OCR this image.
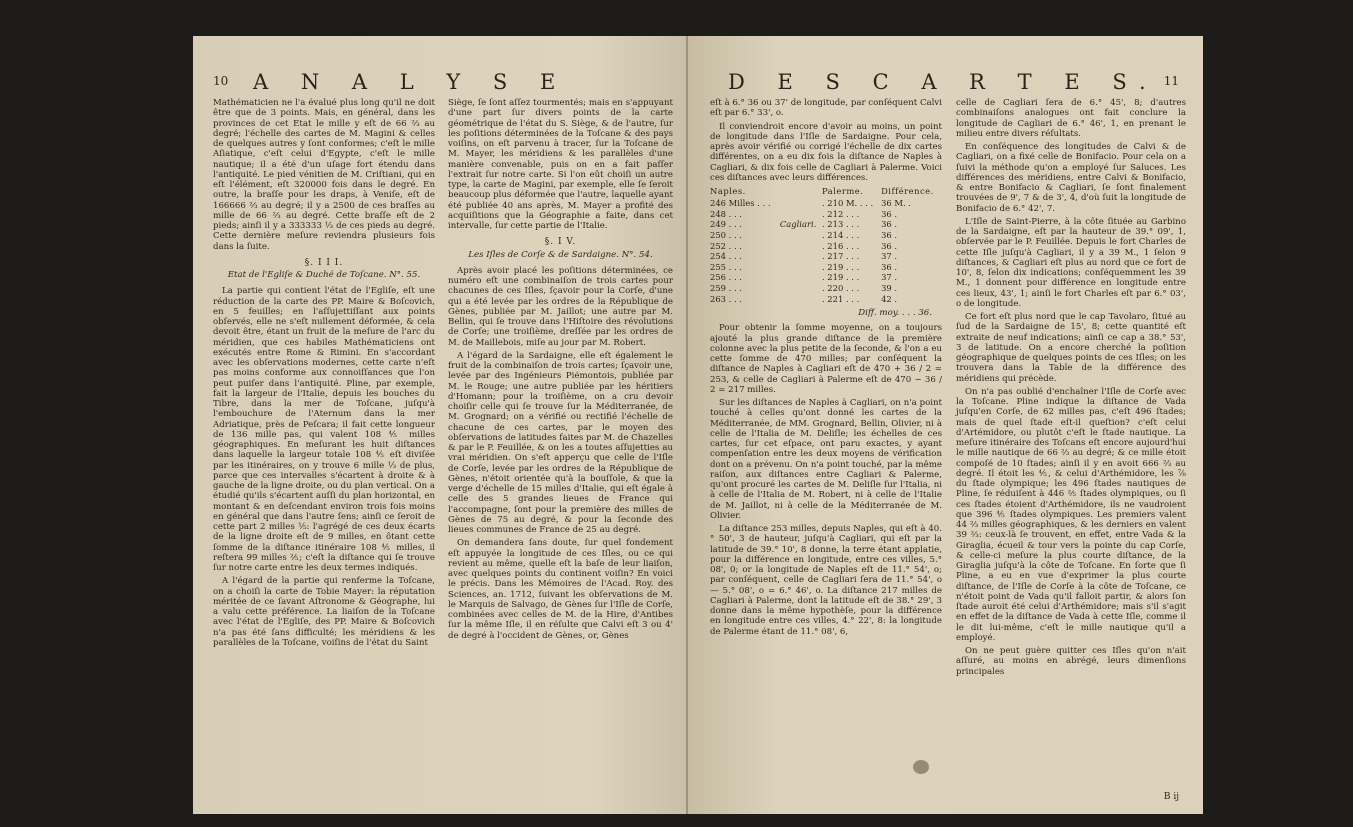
10 A N A L Y S E

Mathématicien ne l'a évalué plus long qu'il ne doit être que de 3 points. Mais, en général, dans les provinces de cet Etat le mille y eſt de 66 ⅔ au degré; l'échelle des cartes de M. Magini & celles de quelques autres y ſont conformes; c'eſt le mille Aſiatique, c'eſt celui d'Egypte, c'eſt le mille nautique; il a été d'un uſage fort étendu dans l'antiquité. Le pied vénitien de M. Criſtiani, qui en eſt l'élément, eſt 320000 fois dans le degré. En outre, la braſſe pour les draps, à Veniſe, eſt de 166666 ⅔ au degré; il y a 2500 de ces braſſes au mille de 66 ⅔ au degré. Cette braſſe eſt de 2 pieds; ainſi il y a 333333 ⅓ de ces pieds au degré. Cette dernière meſure reviendra plusieurs fois dans la ſuite.

§. I I I.
Etat de l'Egliſe & Duché de Toſcane. N°. 55.

La partie qui contient l'état de l'Egliſe, eſt une réduction de la carte des PP. Maire & Boſcovich, en 5 feuilles; en l'aſſujettiſſant aux points obſervés, elle ne s'eſt nullement déformée, & cela devoit être, étant un fruit de la meſure de l'arc du méridien, que ces habiles Mathématiciens ont exécutés entre Rome & Rimini. En s'accordant avec les obſervations modernes, cette carte n'eſt pas moins conforme aux connoiſſances que l'on peut puiſer dans l'antiquité. Pline, par exemple, fait la largeur de l'Italie, depuis les bouches du Tibre, dans la mer de Toſcane, juſqu'à l'embouchure de l'Aternum dans la mer Adriatique, près de Peſcara; il fait cette longueur de 136 mille pas, qui valent 108 ⅘ milles géographiques. En meſurant les huit diſtances dans laquelle la largeur totale 108 ⅘ eſt diviſée par les itinéraires, on y trouve 6 mille ⅓ de plus, parce que ces intervalles s'écartent à droite & à gauche de la ligne droite, ou du plan vertical. On a étudié qu'ils s'écartent auſſi du plan horizontal, en montant & en deſcendant environ trois fois moins en général que dans l'autre ſens; ainſi ce ſeroit de cette part 2 milles ⅕: l'agrégé de ces deux écarts de la ligne droite eſt de 9 milles, en ôtant cette ſomme de la diſtance itinéraire 108 ⅘ milles, il reſtera 99 milles ⅖; c'eſt la diſtance qui ſe trouve ſur notre carte entre les deux termes indiqués.

A l'égard de la partie qui renferme la Toſcane, on a choiſi la carte de Tobie Mayer: la réputation méritée de ce ſavant Aſtronome & Géographe, lui a valu cette préférence. La liaiſon de la Toſcane avec l'état de l'Egliſe, des PP. Maire & Boſcovich n'a pas été ſans difficulté; les méridiens & les parallèles de la Toſcane, voiſins de l'état du Saint

Siège, ſe ſont aſſez tourmentés; mais en s'appuyant d'une part ſur divers points de la carte géométrique de l'état du S. Siège, & de l'autre, ſur les poſitions déterminées de la Toſcane & des pays voiſins, on eſt parvenu à tracer, ſur la Toſcane de M. Mayer, les méridiens & les parallèles d'une manière convenable, puis on en a fait paſſer l'extrait ſur notre carte. Si l'on eût choiſi un autre type, la carte de Magini, par exemple, elle ſe ſeroit beaucoup plus déformée que l'autre, laquelle ayant été publiée 40 ans après, M. Mayer a profité des acquiſitions que la Géographie a faite, dans cet intervalle, ſur cette partie de l'Italie.

§. I V.
Les Iſles de Corſe & de Sardaigne. N°. 54.

Après avoir placé les poſitions déterminées, ce numéro eſt une combinaiſon de trois cartes pour chacunes de ces Iſles, ſçavoir pour la Corſe, d'une qui a été levée par les ordres de la République de Gènes, publiée par M. Jaillot; une autre par M. Bellin, qui ſe trouve dans l'Hiſtoire des révolutions de Corſe; une troiſième, dreſſée par les ordres de M. de Maillebois, miſe au jour par M. Robert.

A l'égard de la Sardaigne, elle eſt également le fruit de la combinaiſon de trois cartes; ſçavoir une, levée par des Ingénieurs Piémontois, publiée par M. le Rouge; une autre publiée par les héritiers d'Homann; pour la troiſième, on a cru devoir choiſir celle qui ſe trouve ſur la Méditerranée, de M. Grognard; on a vérifié ou rectifié l'échelle de chacune de ces cartes, par le moyen des obſervations de latitudes faites par M. de Chazelles & par le P. Feuillée, & on les a toutes aſſujetties au vrai méridien. On s'eſt apperçu que celle de l'Iſle de Corſe, levée par les ordres de la République de Gènes, n'étoit orientée qu'à la bouſſole, & que la verge d'échelle de 15 milles d'Italie, qui eſt égale à celle des 5 grandes lieues de France qui l'accompagne, ſont pour la première des milles de Gènes de 75 au degré, & pour la ſeconde des lieues communes de France de 25 au degré.

On demandera ſans doute, ſur quel fondement eſt appuyée la longitude de ces Iſles, ou ce qui revient au même, quelle eſt la baſe de leur liaiſon, avec quelques points du continent voiſin? En voici le précis. Dans les Mémoires de l'Acad. Roy. des Sciences, an. 1712, ſuivant les obſervations de M. le Marquis de Salvago, de Gènes ſur l'Iſle de Corſe, combinées avec celles de M. de la Hire, d'Antibes ſur la même Iſle, il en réſulte que Calvi eſt 3 ou 4' de degré à l'occident de Gènes, or, Gènes

11
D E S C A R T E S.

eſt à 6.° 36 ou 37' de longitude, par conſéquent Calvi eſt par 6.° 33', o.

Il conviendroit encore d'avoir au moins, un point de longitude dans l'Iſle de Sardaigne. Pour cela, après avoir vérifié ou corrigé l'échelle de dix cartes différentes, on a eu dix fois la diſtance de Naples à Cagliari, & dix fois celle de Cagliari à Palerme. Voici ces diſtances avec leurs différences.

Naples.		Palerme.	Différence.
246 Milles . . .		. 210 M. . . .	36 M. .
248 . . .		. 212 . . .	36 .
249 . . .	Cagliari.	. 213 . . .	36 .
250 . . .		. 214 . . .	36 .
252 . . .		. 216 . . .	36 .
254 . . .		. 217 . . .	37 .
255 . . .		. 219 . . .	36 .
256 . . .		. 219 . . .	37 .
259 . . .		. 220 . . .	39 .
263 . . .		. 221 . . .	42 .
Diff. moy. . . . 36.

Pour obtenir la ſomme moyenne, on a toujours ajouté la plus grande diſtance de la première colonne avec la plus petite de la ſeconde, & l'on a eu cette ſomme de 470 milles; par conſéquent la diſtance de Naples à Cagliari eſt de 470 + 36 / 2 = 253, & celle de Cagliari à Palerme eſt de 470 − 36 / 2 = 217 milles.

Sur les diſtances de Naples à Cagliari, on n'a point touché à celles qu'ont donné les cartes de la Méditerranée, de MM. Grognard, Bellin, Olivier, ni à celle de l'Italia de M. Deliſle; les échelles de ces cartes, ſur cet eſpace, ont paru exactes, y ayant compenſation entre les deux moyens de vérification dont on a prévenu. On n'a point touché, par la même raiſon, aux diſtances entre Cagliari & Palerme, qu'ont procuré les cartes de M. Deliſle ſur l'Italia, ni à celle de l'Italia de M. Robert, ni à celle de l'Italie de M. Jaillot, ni à celle de la Méditerranée de M. Olivier.

La diſtance 253 milles, depuis Naples, qui eſt à 40.° 50', 3 de hauteur, juſqu'à Cagliari, qui eſt par la latitude de 39.° 10', 8 donne, la terre étant applatie, pour la différence en longitude, entre ces villes, 5.° 08', 0; or la longitude de Naples eſt de 11.° 54', o; par conſéquent, celle de Cagliari ſera de 11.° 54', o — 5.° 08', o = 6.° 46', o. La diſtance 217 milles de Cagliari à Palerme, dont la latitude eſt de 38.° 29', 3 donne dans la même hypothèſe, pour la différence en longitude entre ces villes, 4.° 22', 8: la longitude de Palerme étant de 11.° 08', 6,

celle de Cagliari ſera de 6.° 45', 8; d'autres combinaiſons analogues ont fait conclure la longitude de Cagliari de 6.° 46', 1, en prenant le milieu entre divers réſultats.

En conſéquence des longitudes de Calvi & de Cagliari, on a fixé celle de Bonifacio. Pour cela on a ſuivi la méthode qu'on a employé ſur Saluces. Les différences des méridiens, entre Calvi & Bonifacio, & entre Bonifacio & Cagliari, ſe ſont finalement trouvées de 9', 7 & de 3', 4, d'où ſuit la longitude de Bonifacio de 6.° 42', 7.

L'Iſle de Saint-Pierre, à la côte ſituée au Garbino de la Sardaigne, eſt par la hauteur de 39.° 09', 1, obſervée par le P. Feuillée. Depuis le fort Charles de cette Iſle juſqu'à Cagliari, il y a 39 M., 1 ſelon 9 diſtances, & Cagliari eſt plus au nord que ce fort de 10', 8, ſelon dix indications; conſéquemment les 39 M., 1 donnent pour différence en longitude entre ces lieux, 43', 1; ainſi le fort Charles eſt par 6.° 03', o de longitude.

Ce fort eſt plus nord que le cap Tavolaro, ſitué au ſud de la Sardaigne de 15', 8; cette quantité eſt extraite de neuf indications; ainſi ce cap a 38.° 53', 3 de latitude. On a encore cherché la poſition géographique de quelques points de ces Iſles; on les trouvera dans la Table de la différence des méridiens qui précède.

On n'a pas oublié d'enchaîner l'Iſle de Corſe avec la Toſcane. Pline indique la diſtance de Vada juſqu'en Corſe, de 62 milles pas, c'eſt 496 ſtades; mais de quel ſtade eſt-il queſtion? c'eſt celui d'Artémidore, ou plutôt c'eſt le ſtade nautique. La meſure itinéraire des Toſcans eſt encore aujourd'hui le mille nautique de 66 ⅔ au degré; & ce mille étoit compoſé de 10 ſtades; ainſi il y en avoit 666 ⅔ au degré. Il étoit les ⅘, & celui d'Arthémidore, les ⅞ du ſtade olympique; les 496 ſtades nautiques de Pline, ſe réduiſent à 446 ⅖ ſtades olympiques, ou ſi ces ſtades étoient d'Arthémidore, ils ne vaudroient que 396 ⅘ ſtades olympiques. Les premiers valent 44 ⅔ milles géographiques, & les derniers en valent 39 ⅔: ceux-là ſe trouvent, en effet, entre Vada & la Giraglia, écueil & tour vers la pointe du cap Corſe, & celle-ci meſure la plus courte diſtance, de la Giraglia juſqu'à la côte de Toſcane. En ſorte que ſi Pline, a eu en vue d'exprimer la plus courte diſtance, de l'Iſle de Corſe à la côte de Toſcane, ce n'étoit point de Vada qu'il falloit partir, & alors ſon ſtade auroit été celui d'Arthémidore; mais s'il s'agit en effet de la diſtance de Vada à cette Iſle, comme il le dit lui-même, c'eſt le mille nautique qu'il a employé.

On ne peut guère quitter ces Iſles qu'on n'ait aſſuré, au moins en abrégé, leurs dimenſions principales

B ij
